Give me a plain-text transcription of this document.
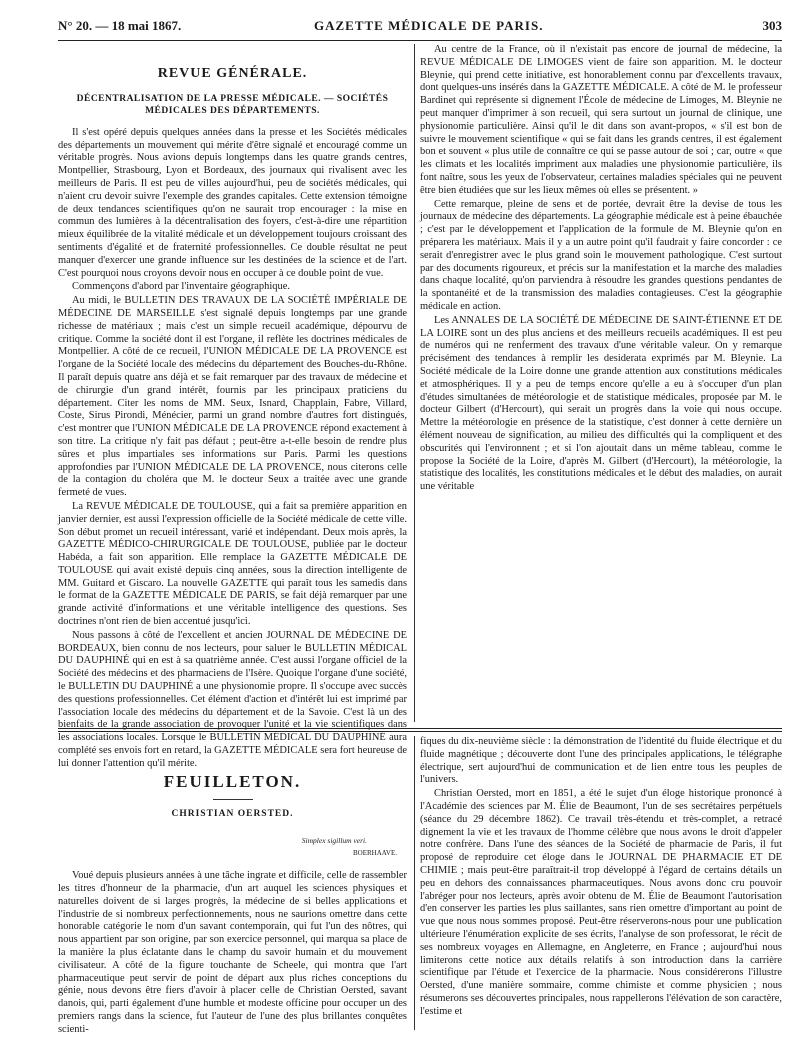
N° 20. — 18 mai 1867.	GAZETTE MÉDICALE DE PARIS.	303
REVUE GÉNÉRALE.
DÉCENTRALISATION DE LA PRESSE MÉDICALE. — SOCIÉTÉS MÉDICALES DES DÉPARTEMENTS.

Il s'est opéré depuis quelques années dans la presse et les Sociétés médicales des départements un mouvement qui mérite d'être signalé et encouragé comme un véritable progrès. Nous avions depuis longtemps dans les quatre grands centres, Montpellier, Strasbourg, Lyon et Bordeaux, des journaux qui rivalisent avec les meilleurs de Paris. Il est peu de villes aujourd'hui, peu de sociétés médicales, qui n'aient cru devoir suivre l'exemple des grandes capitales. Cette extension témoigne de deux tendances scientifiques qu'on ne saurait trop encourager : la mise en commun des lumières à la décentralisation des foyers, c'est-à-dire une répartition mieux équilibrée de la vitalité médicale et un développement toujours croissant des sentiments d'égalité et de fraternité professionnelles. Ce double résultat ne peut manquer d'exercer une grande influence sur les destinées de la science et de l'art. C'est pourquoi nous croyons devoir nous en occuper à ce double point de vue.

Commençons d'abord par l'inventaire géographique.

Au midi, le BULLETIN DES TRAVAUX DE LA SOCIÉTÉ IMPÉRIALE DE MÉDECINE DE MARSEILLE s'est signalé depuis longtemps par une grande richesse de matériaux ; mais c'est un simple recueil académique, dépourvu de critique. Comme la société dont il est l'organe, il reflète les doctrines médicales de Montpellier. A côté de ce recueil, l'UNION MÉDICALE DE LA PROVENCE est l'organe de la Société locale des médecins du département des Bouches-du-Rhône. Il paraît depuis quatre ans déjà et se fait remarquer par des travaux de médecine et de chirurgie d'un grand intérêt, fournis par les principaux praticiens du département. Citer les noms de MM. Seux, Isnard, Chapplain, Fabre, Villard, Coste, Sirus Pirondi, Ménécier, parmi un grand nombre d'autres fort distingués, c'est montrer que l'UNION MÉDICALE DE LA PROVENCE répond exactement à son titre. La critique n'y fait pas défaut ; peut-être a-t-elle besoin de rendre plus sûres et plus impartiales ses informations sur Paris. Parmi les questions approfondies par l'UNION MÉDICALE DE LA PROVENCE, nous citerons celle de la contagion du choléra que M. le docteur Seux a traitée avec une grande fermeté de vues.

La REVUE MÉDICALE DE TOULOUSE, qui a fait sa première apparition en janvier dernier, est aussi l'expression officielle de la Société médicale de cette ville. Son début promet un recueil intéressant, varié et indépendant. Deux mois après, la GAZETTE MÉDICO-CHIRURGICALE DE TOULOUSE, publiée par le docteur Habéda, a fait son apparition. Elle remplace la GAZETTE MÉDICALE DE TOULOUSE qui avait existé depuis cinq années, sous la direction intelligente de MM. Guitard et Giscaro. La nouvelle GAZETTE qui paraît tous les samedis dans le format de la GAZETTE MÉDICALE DE PARIS, se fait déjà remarquer par une grande activité d'informations et une véritable intelligence des questions. Ses doctrines n'ont rien de bien accentué jusqu'ici.

Nous passons à côté de l'excellent et ancien JOURNAL DE MÉDECINE DE BORDEAUX, bien connu de nos lecteurs, pour saluer le BULLETIN MÉDICAL DU DAUPHINÉ qui en est à sa quatrième année. C'est aussi l'organe officiel de la Société des médecins et des pharmaciens de l'Isère. Quoique l'organe d'une société, le BULLETIN DU DAUPHINÉ a une physionomie propre. Il s'occupe avec succès des questions professionnelles. Cet élément d'action et d'intérêt lui est imprimé par l'association locale des médecins du département et de la Savoie. C'est là un des bienfaits de la grande association de provoquer l'unité et la vie scientifiques dans les associations locales. Lorsque le BULLETIN MÉDICAL DU DAUPHINÉ aura complété ses envois fort en retard, la GAZETTE MÉDICALE sera fort heureuse de lui donner l'attention qu'il mérite.

Au centre de la France, où il n'existait pas encore de journal de médecine, la REVUE MÉDICALE DE LIMOGES vient de faire son apparition. M. le docteur Bleynie, qui prend cette initiative, est honorablement connu par d'excellents travaux, dont quelques-uns insérés dans la GAZETTE MÉDICALE. A côté de M. le professeur Bardinet qui représente si dignement l'École de médecine de Limoges, M. Bleynie ne peut manquer d'imprimer à son recueil, qui sera surtout un journal de clinique, une physionomie particulière. Ainsi qu'il le dit dans son avant-propos, « s'il est bon de suivre le mouvement scientifique « qui se fait dans les grands centres, il est également bon et souvent « plus utile de connaître ce qui se passe autour de soi ; car, outre « que les climats et les localités impriment aux maladies une physionomie particulière, ils font naître, sous les yeux de l'observateur, certaines maladies spéciales qui ne peuvent être bien étudiées que sur les lieux mêmes où elles se présentent. »

Cette remarque, pleine de sens et de portée, devrait être la devise de tous les journaux de médecine des départements. La géographie médicale est à peine ébauchée ; c'est par le développement et l'application de la formule de M. Bleynie qu'on en préparera les matériaux. Mais il y a un autre point qu'il faudrait y faire concorder : ce serait d'enregistrer avec le plus grand soin le mouvement pathologique. C'est surtout par des documents rigoureux, et précis sur la manifestation et la marche des maladies dans chaque localité, qu'on parviendra à résoudre les grandes questions pendantes de la spontanéité et de la transmission des maladies contagieuses. C'est la géographie médicale en action.

Les ANNALES DE LA SOCIÉTÉ DE MÉDECINE DE SAINT-ÉTIENNE ET DE LA LOIRE sont un des plus anciens et des meilleurs recueils académiques. Il est peu de numéros qui ne renferment des travaux d'une véritable valeur. On y remarque précisément des tendances à remplir les desiderata exprimés par M. Bleynie. La Société médicale de la Loire donne une grande attention aux constitutions médicales et atmosphériques. Il y a peu de temps encore qu'elle a eu à s'occuper d'un plan d'études simultanées de météorologie et de statistique médicales, proposée par M. le docteur Gilbert (d'Hercourt), qui serait un progrès dans la voie qui nous occupe. Mettre la météorologie en présence de la statistique, c'est donner à cette dernière un élément nouveau de signification, au milieu des difficultés qui la compliquent et des obscurités qui l'environnent ; et si l'on ajoutait dans un même tableau, comme le propose la Société de la Loire, d'après M. Gilbert (d'Hercourt), la météorologie, la statistique des localités, les constitutions médicales et le début des maladies, on aurait une véritable

FEUILLETON.
CHRISTIAN OERSTED.
Simplex sigillum veri.
BOERHAAVE.

Voué depuis plusieurs années à une tâche ingrate et difficile, celle de rassembler les titres d'honneur de la pharmacie, d'un art auquel les sciences physiques et naturelles doivent de si larges progrès, la médecine de si belles applications et l'industrie de si nombreux perfectionnements, nous ne saurions omettre dans cette honorable catégorie le nom d'un savant contemporain, qui fut l'un des nôtres, qui nous appartient par son origine, par son exercice personnel, qui marqua sa place de la manière la plus éclatante dans le champ du savoir humain et du mouvement civilisateur. A côté de la figure touchante de Scheele, qui montra que l'art pharmaceutique peut servir de point de départ aux plus riches conceptions du génie, nous devons être fiers d'avoir à placer celle de Christian Oersted, savant danois, qui, parti également d'une humble et modeste officine pour occuper un des premiers rangs dans la science, fut l'auteur de l'une des plus brillantes conquêtes scienti-

fiques du dix-neuvième siècle : la démonstration de l'identité du fluide électrique et du fluide magnétique ; découverte dont l'une des principales applications, le télégraphe électrique, sert aujourd'hui de communication et de lien entre tous les peuples de l'univers.

Christian Oersted, mort en 1851, a été le sujet d'un éloge historique prononcé à l'Académie des sciences par M. Élie de Beaumont, l'un de ses secrétaires perpétuels (séance du 29 décembre 1862). Ce travail très-étendu et très-complet, a retracé dignement la vie et les travaux de l'homme célèbre que nous avons le droit d'appeler notre confrère. Dans l'une des séances de la Société de pharmacie de Paris, il fut proposé de reproduire cet éloge dans le JOURNAL DE PHARMACIE ET DE CHIMIE ; mais peut-être paraîtrait-il trop développé à l'égard de certains détails un peu en dehors des connaissances pharmaceutiques. Nous avons donc cru pouvoir l'abréger pour nos lecteurs, après avoir obtenu de M. Élie de Beaumont l'autorisation d'en conserver les parties les plus saillantes, sans rien omettre d'important au point de vue que nous nous sommes proposé. Peut-être réserverons-nous pour une publication ultérieure l'énumération explicite de ses écrits, l'analyse de son professorat, le récit de ses nombreux voyages en Allemagne, en Angleterre, en France ; aujourd'hui nous limiterons cette notice aux détails relatifs à son introduction dans la carrière scientifique par l'étude et l'exercice de la pharmacie. Nous considérerons l'illustre Oersted, d'une manière sommaire, comme chimiste et comme physicien ; nous résumerons ses découvertes principales, nous rappellerons l'élévation de son caractère, l'estime et
